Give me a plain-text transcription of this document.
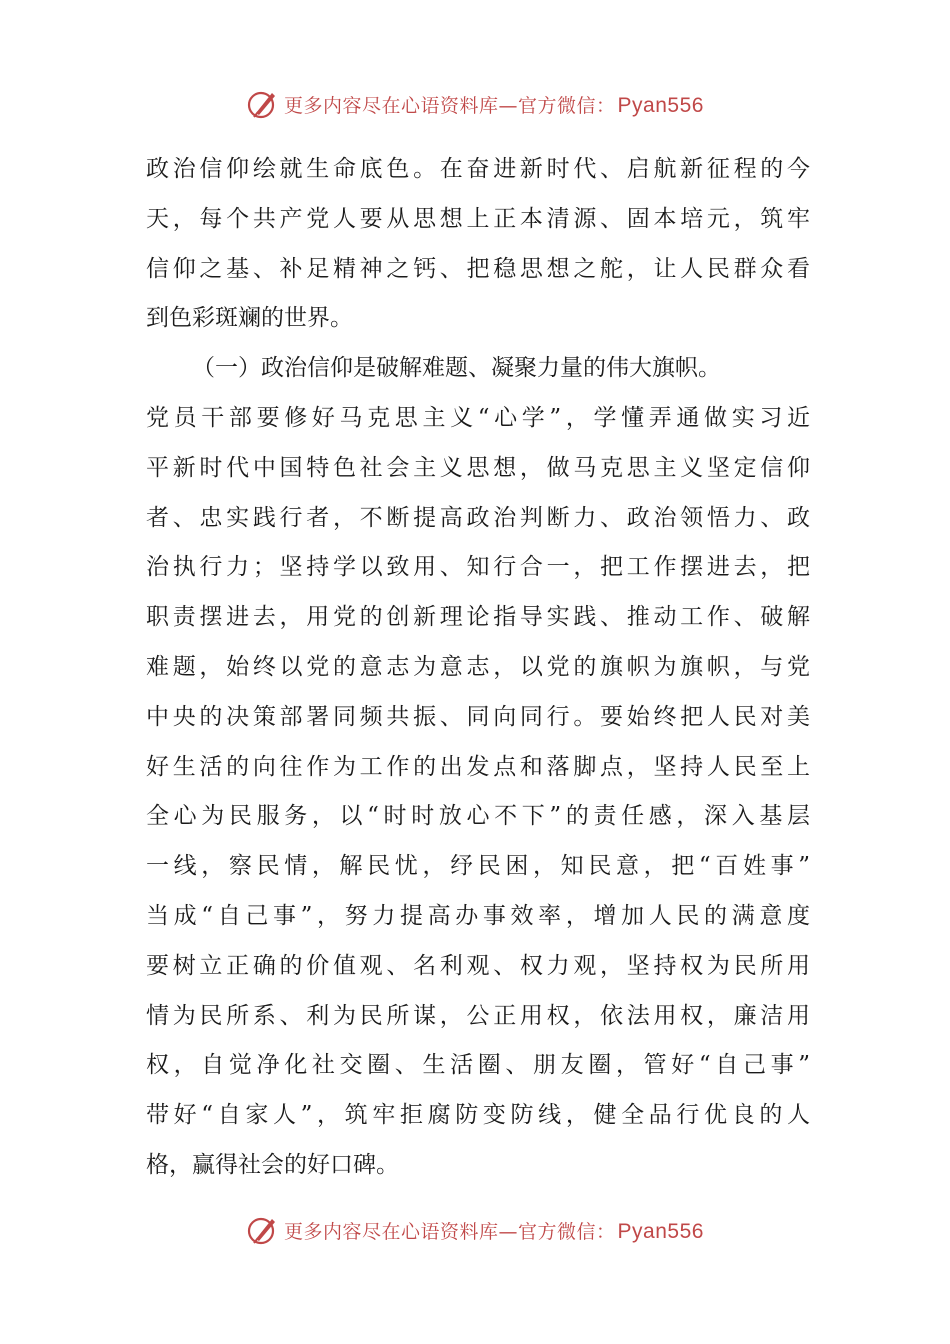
更多内容尽在心语资料库—官方微信：Pyan556
政治信仰绘就生命底色。在奋进新时代、启航新征程的今
天，每个共产党人要从思想上正本清源、固本培元，筑牢
信仰之基、补足精神之钙、把稳思想之舵，让人民群众看
到色彩斑斓的世界。
（一）政治信仰是破解难题、凝聚力量的伟大旗帜。
党员干部要修好马克思主义“心学”，学懂弄通做实习近
平新时代中国特色社会主义思想，做马克思主义坚定信仰
者、忠实践行者，不断提高政治判断力、政治领悟力、政
治执行力；坚持学以致用、知行合一，把工作摆进去，把
职责摆进去，用党的创新理论指导实践、推动工作、破解
难题，始终以党的意志为意志，以党的旗帜为旗帜，与党
中央的决策部署同频共振、同向同行。要始终把人民对美
好生活的向往作为工作的出发点和落脚点，坚持人民至上
全心为民服务，以“时时放心不下”的责任感，深入基层
一线，察民情，解民忧，纾民困，知民意，把“百姓事”
当成“自己事”，努力提高办事效率，增加人民的满意度
要树立正确的价值观、名利观、权力观，坚持权为民所用
情为民所系、利为民所谋，公正用权，依法用权，廉洁用
权，自觉净化社交圈、生活圈、朋友圈，管好“自己事”
带好“自家人”，筑牢拒腐防变防线，健全品行优良的人
格，赢得社会的好口碑。
更多内容尽在心语资料库—官方微信：Pyan556
